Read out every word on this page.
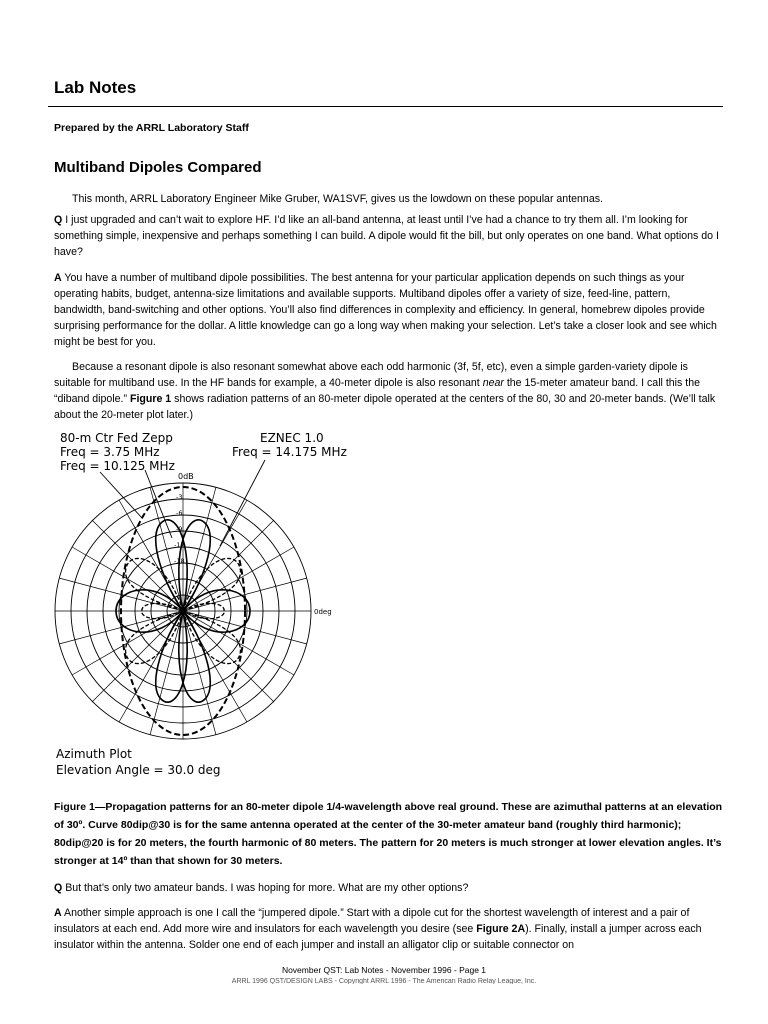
Lab Notes
Prepared by the ARRL Laboratory Staff
Multiband Dipoles Compared
This month, ARRL Laboratory Engineer Mike Gruber, WA1SVF, gives us the lowdown on these popular antennas.
Q I just upgraded and can’t wait to explore HF. I’d like an all-band antenna, at least until I’ve had a chance to try them all. I’m looking for something simple, inexpensive and perhaps something I can build. A dipole would fit the bill, but only operates on one band. What options do I have?
A You have a number of multiband dipole possibilities. The best antenna for your particular application depends on such things as your operating habits, budget, antenna-size limitations and available supports. Multiband dipoles offer a variety of size, feed-line, pattern, bandwidth, band-switching and other options. You’ll also find differences in complexity and efficiency. In general, homebrew dipoles provide surprising performance for the dollar. A little knowledge can go a long way when making your selection. Let’s take a closer look and see which might be best for you.
Because a resonant dipole is also resonant somewhat above each odd harmonic (3f, 5f, etc), even a simple garden-variety dipole is suitable for multiband use. In the HF bands for example, a 40-meter dipole is also resonant near the 15-meter amateur band. I call this the “diband dipole.” Figure 1 shows radiation patterns of an 80-meter dipole operated at the centers of the 80, 30 and 20-meter bands. (We’ll talk about the 20-meter plot later.)
80-m Ctr Fed Zepp
Freq = 3.75 MHz
Freq = 10.125 MHz
EZNEC 1.0
Freq = 14.175 MHz
0dB
-3
-6
-9
-12
-18
0deg
Azimuth Plot
Elevation Angle = 30.0 deg
Figure 1—Propagation patterns for an 80-meter dipole 1/4-wavelength above real ground. These are azimuthal patterns at an elevation of 30º. Curve 80dip@30 is for the same antenna operated at the center of the 30-meter amateur band (roughly third harmonic); 80dip@20 is for 20 meters, the fourth harmonic of 80 meters. The pattern for 20 meters is much stronger at lower elevation angles. It’s stronger at 14º than that shown for 30 meters.
Q But that’s only two amateur bands. I was hoping for more. What are my other options?
A Another simple approach is one I call the “jumpered dipole.” Start with a dipole cut for the shortest wavelength of interest and a pair of insulators at each end. Add more wire and insulators for each wavelength you desire (see Figure 2A). Finally, install a jumper across each insulator within the antenna. Solder one end of each jumper and install an alligator clip or suitable connector on
November QST: Lab Notes - November 1996 - Page 1
ARRL 1996 QST/DESIGN LABS - Copyright ARRL 1996 - The American Radio Relay League, Inc.
